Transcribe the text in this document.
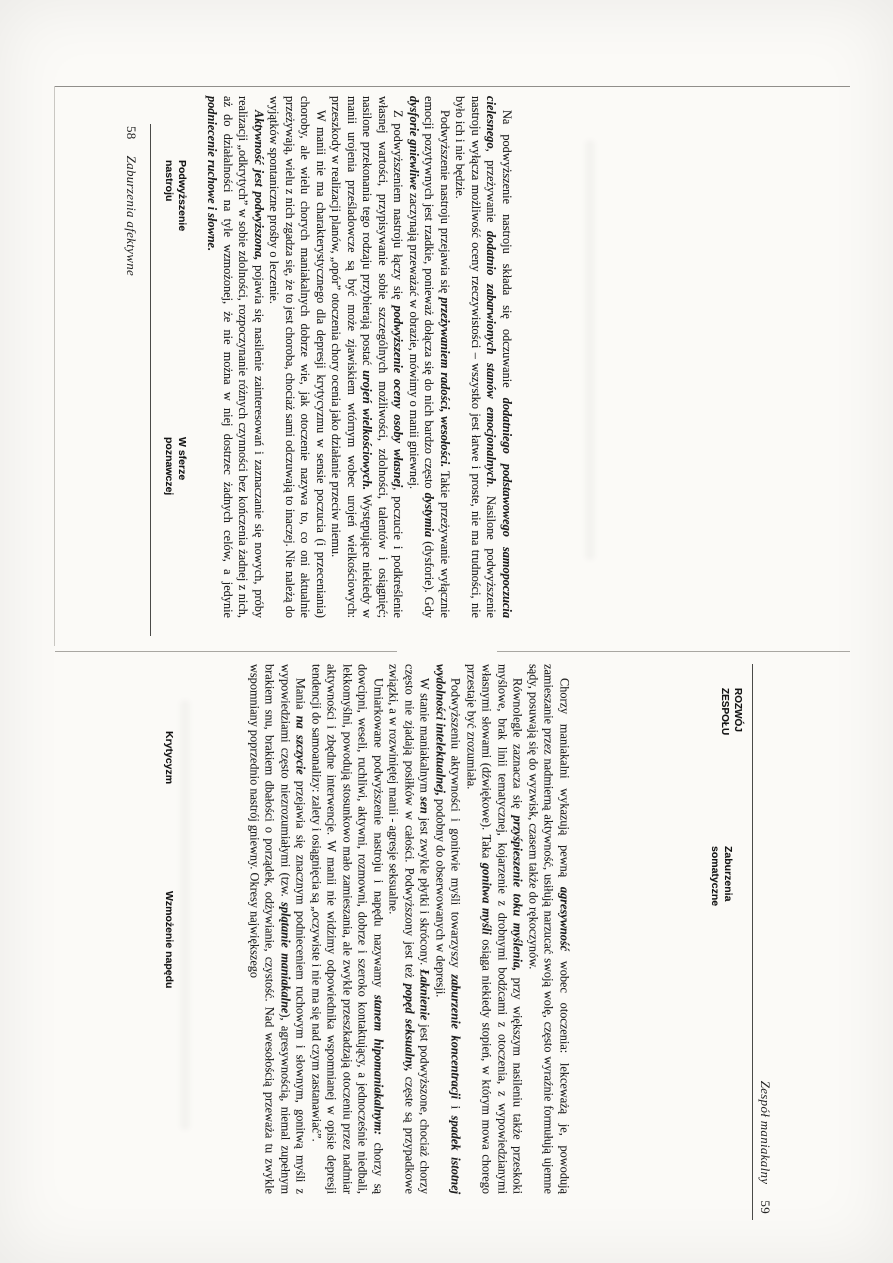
58Zaburzenia afektywne	Podwyższenie nastroju
W sferze poznawczej
Krytycyzm
Wzmożenie napędu

Na podwyższenie nastroju składa się odczuwanie dodatniego podstawowego samopoczucia cielesnego, przeżywanie dodatnio zabarwionych stanów emocjonalnych. Nasilone podwyższenie nastroju wyłącza możliwość oceny rzeczywistości – wszystko jest łatwe i proste, nie ma trudności, nie było ich i nie będzie.

Podwyższenie nastroju przejawia się przeżywaniem radości, wesołości. Takie przeżywanie wyłącznie emocji pozytywnych jest rzadkie, ponieważ dołącza się do nich bardzo często dystymia (dysforie). Gdy dysforie gniewliwe zaczynają przeważać w obrazie, mówimy o manii gniewnej.

Z podwyższeniem nastroju łączy się podwyższenie oceny osoby własnej, poczucie i podkreślenie własnej wartości, przypisywanie sobie szczególnych możliwości, zdolności, talentów i osiągnięć; nasilone przekonania tego rodzaju przybierają postać urojeń wielkościowych. Występujące niekiedy w manii urojenia prześladowcze są być może zjawiskiem wtórnym wobec urojeń wielkościowych: przeszkody w realizacji planów, „opór” otoczenia chory ocenia jako działanie przeciw niemu.

W manii nie ma charakterystycznego dla depresji krytycyzmu w sensie poczucia (i przeceniania) choroby, ale wielu chorych maniakalnych dobrze wie, jak otoczenie nazywa to, co oni aktualnie przeżywają, wielu z nich zgadza się, że to jest choroba, chociaż sami odczuwają to inaczej. Nie należą do wyjątków spontaniczne prośby o leczenie.

Aktywność jest podwyższona, pojawia się nasilenie zainteresowań i zaznaczanie się nowych, próby realizacji „odkrytych” w sobie zdolności, rozpoczynanie różnych czynności bez kończenia żadnej z nich, aż do działalności na tyle wzmożonej, że nie można w niej dostrzec żadnych celów, a jedynie podniecenie ruchowe i słowne.

Chorzy maniakalni wykazują pewną agresywność wobec otoczenia: lekceważą je, powodują zamieszanie przez nadmierną aktywność, usiłują narzucać swoją wolę, często wyraźnie formułują ujemne sądy, posuwają się do wyzwisk, czasem także do rękoczynów.

Równolegle zaznacza się przyśpieszenie toku myślenia, przy większym nasileniu także przeskoki myślowe, brak linii tematycznej, kojarzenie z drobnymi bodźcami z otoczenia, z wypowiedzianymi własnymi słowami (dźwiękowe). Taka gonitwa myśli osiąga niekiedy stopień, w którym mowa chorego przestaje być zrozumiała.

Podwyższeniu aktywności i gonitwie myśli towarzyszy zaburzenie koncentracji i spadek istotnej wydolności intelektualnej, podobny do obserwowanych w depresji.

W stanie maniakalnym sen jest zwykle płytki i skrócony. Łaknienie jest podwyższone, chociaż chorzy często nie zjadają posiłków w całości. Podwyższony jest też popęd seksualny, częste są przypadkowe związki, a w rozwiniętej manii - agresje seksualne.

Umiarkowane podwyższenie nastroju i napędu nazywamy stanem hipomaniakalnym: chorzy są dowcipni, weseli, ruchliwi, aktywni, rozmowni, dobrze i szeroko kontaktujący, a jednocześnie niedbali, lekkomyślni, powodują stosunkowo mało zamieszania, ale zwykle przeszkadzają otoczeniu przez nadmiar aktywności i zbędne interwencje. W manii nie widzimy odpowiednika wspomnianej w opisie depresji tendencji do samoanalizy: zalety i osiągnięcia są „oczywiste i nie ma się nad czym zastanawiać”.

Mania na szczycie przejawia się znacznym podnieceniem ruchowym i słownym, gonitwą myśli z wypowiedziami często niezrozumiałymi (tzw. splątanie maniakalne), agresywnością, niemal zupełnym brakiem snu, brakiem dbałości o porządek, odżywianie, czystość. Nad wesołością przeważa tu zwykle wspomniany poprzednio nastrój gniewny. Okresy największego	ROZWÓJ ZESPOŁU
Zaburzenia somatyczne
Zespół maniakalny59
